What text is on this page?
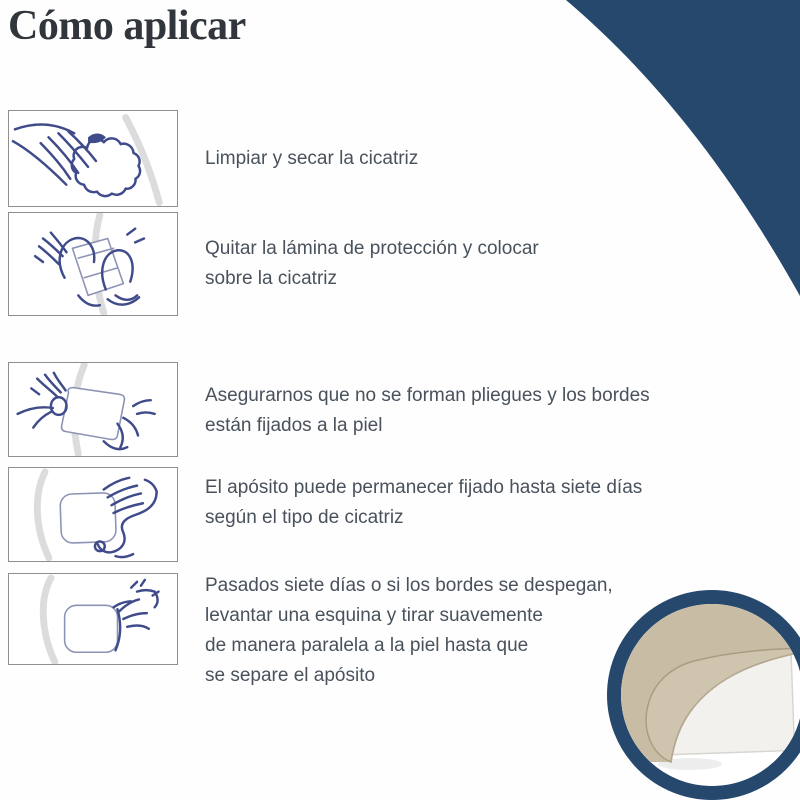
Cómo aplicar
Limpiar y secar la cicatriz
Quitar la lámina de protección y colocar
sobre la cicatriz
Asegurarnos que no se forman pliegues y los bordes
están fijados a la piel
El apósito puede permanecer fijado hasta siete días
según el tipo de cicatriz
Pasados siete días o si los bordes se despegan,
levantar una esquina y tirar suavemente
de manera paralela a la piel hasta que
se separe el apósito
